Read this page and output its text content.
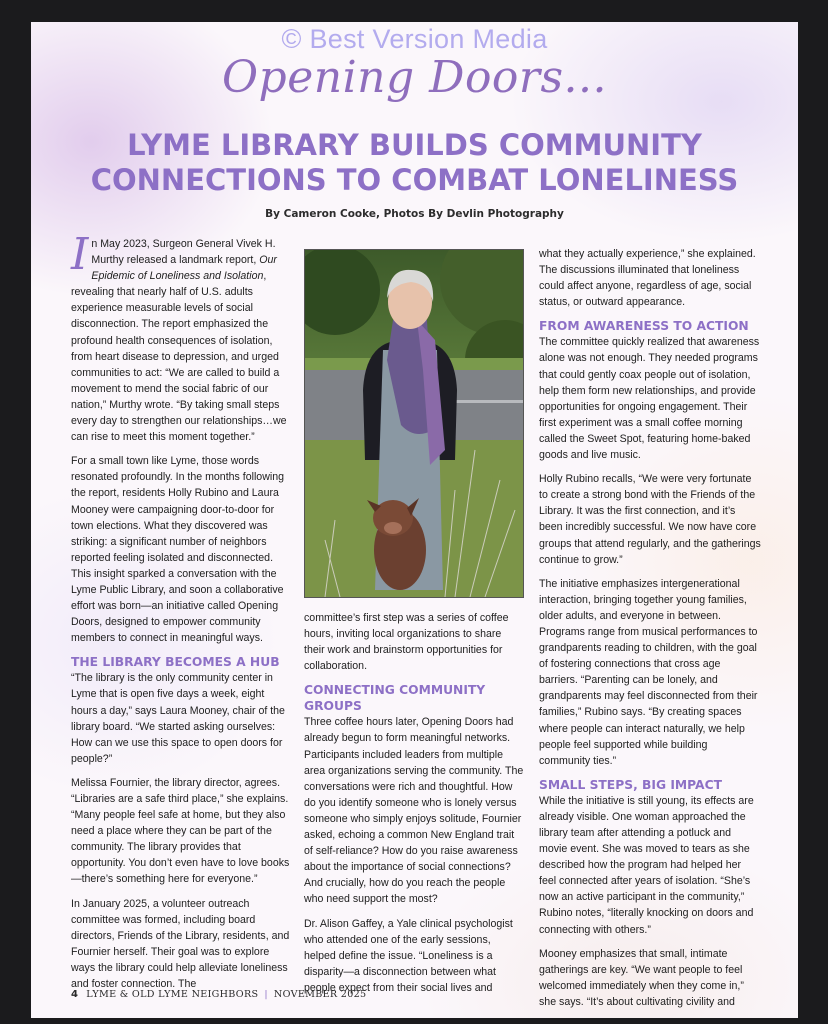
© Best Version Media
Opening Doors...
LYME LIBRARY BUILDS COMMUNITY
CONNECTIONS TO COMBAT LONELINESS
By Cameron Cooke, Photos By Devlin Photography

In May 2023, Surgeon General Vivek H. Murthy released a landmark report, Our Epidemic of Loneliness and Isolation, revealing that nearly half of U.S. adults experience measurable levels of social disconnection. The report emphasized the profound health consequences of isolation, from heart disease to depression, and urged communities to act: “We are called to build a movement to mend the social fabric of our nation,” Murthy wrote. “By taking small steps every day to strengthen our relationships…we can rise to meet this moment together.”

For a small town like Lyme, those words resonated profoundly. In the months following the report, residents Holly Rubino and Laura Mooney were campaigning door-to-door for town elections. What they discovered was striking: a significant number of neighbors reported feeling isolated and disconnected. This insight sparked a conversation with the Lyme Public Library, and soon a collaborative effort was born—an initiative called Opening Doors, designed to empower community members to connect in meaningful ways.

THE LIBRARY BECOMES A HUB

“The library is the only community center in Lyme that is open five days a week, eight hours a day,” says Laura Mooney, chair of the library board. “We started asking ourselves: How can we use this space to open doors for people?”

Melissa Fournier, the library director, agrees. “Libraries are a safe third place,” she explains. “Many people feel safe at home, but they also need a place where they can be part of the community. The library provides that opportunity. You don’t even have to love books—there’s something here for everyone.”

In January 2025, a volunteer outreach committee was formed, including board directors, Friends of the Library, residents, and Fournier herself. Their goal was to explore ways the library could help alleviate loneliness and foster connection. The

committee’s first step was a series of coffee hours, inviting local organizations to share their work and brainstorm opportunities for collaboration.

CONNECTING COMMUNITY GROUPS

Three coffee hours later, Opening Doors had already begun to form meaningful networks. Participants included leaders from multiple area organizations serving the community. The conversations were rich and thoughtful. How do you identify someone who is lonely versus someone who simply enjoys solitude, Fournier asked, echoing a common New England trait of self-reliance? How do you raise awareness about the importance of social connections? And crucially, how do you reach the people who need support the most?

Dr. Alison Gaffey, a Yale clinical psychologist who attended one of the early sessions, helped define the issue. “Loneliness is a disparity—a disconnection between what people expect from their social lives and

what they actually experience,” she explained. The discussions illuminated that loneliness could affect anyone, regardless of age, social status, or outward appearance.

FROM AWARENESS TO ACTION

The committee quickly realized that awareness alone was not enough. They needed programs that could gently coax people out of isolation, help them form new relationships, and provide opportunities for ongoing engagement. Their first experiment was a small coffee morning called the Sweet Spot, featuring home-baked goods and live music.

Holly Rubino recalls, “We were very fortunate to create a strong bond with the Friends of the Library. It was the first connection, and it’s been incredibly successful. We now have core groups that attend regularly, and the gatherings continue to grow.”

The initiative emphasizes intergenerational interaction, bringing together young families, older adults, and everyone in between. Programs range from musical performances to grandparents reading to children, with the goal of fostering connections that cross age barriers. “Parenting can be lonely, and grandparents may feel disconnected from their families,” Rubino says. “By creating spaces where people can interact naturally, we help people feel supported while building community ties.”

SMALL STEPS, BIG IMPACT

While the initiative is still young, its effects are already visible. One woman approached the library team after attending a potluck and movie event. She was moved to tears as she described how the program had helped her feel connected after years of isolation. “She’s now an active participant in the community,” Rubino notes, “literally knocking on doors and connecting with others.”

Mooney emphasizes that small, intimate gatherings are key. “We want people to feel welcomed immediately when they come in,” she says. “It’s about cultivating civility and

4 LYME & OLD LYME NEIGHBORS | NOVEMBER 2025
